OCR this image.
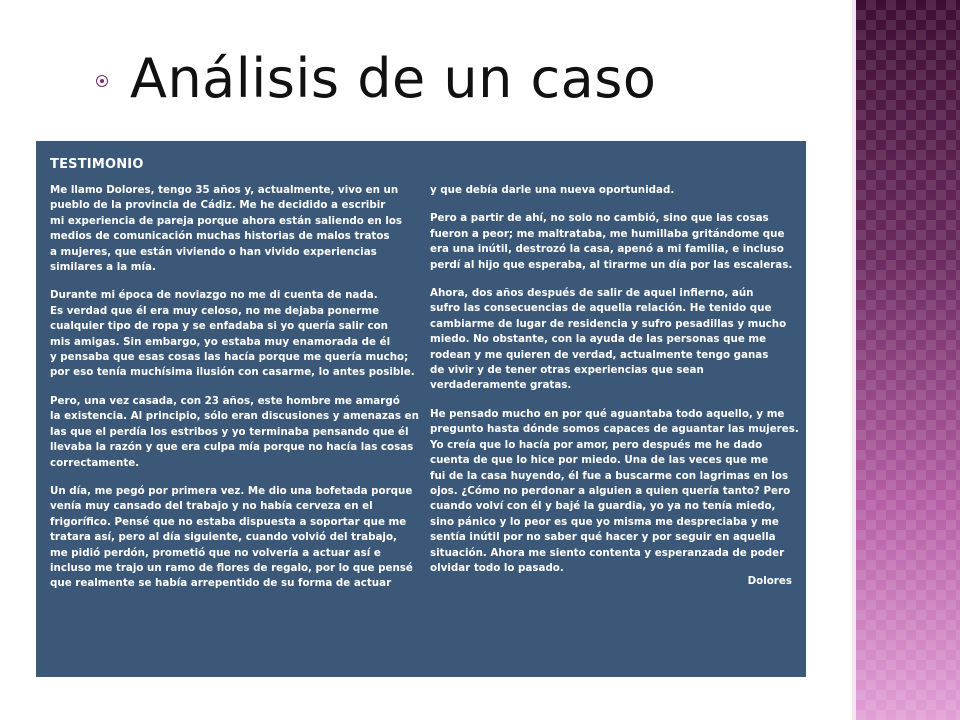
Análisis de un caso
TESTIMONIO
Me llamo Dolores, tengo 35 años y, actualmente, vivo en un
pueblo de la provincia de Cádiz. Me he decidido a escribir
mi experiencia de pareja porque ahora están saliendo en los
medios de comunicación muchas historias de malos tratos
a mujeres, que están viviendo o han vivido experiencias
similares a la mía.
Durante mi época de noviazgo no me di cuenta de nada.
Es verdad que él era muy celoso, no me dejaba ponerme
cualquier tipo de ropa y se enfadaba si yo quería salir con
mis amigas. Sin embargo, yo estaba muy enamorada de él
y pensaba que esas cosas las hacía porque me quería mucho;
por eso tenía muchísima ilusión con casarme, lo antes posible.
Pero, una vez casada, con 23 años, este hombre me amargó
la existencia. Al principio, sólo eran discusiones y amenazas en
las que el perdía los estribos y yo terminaba pensando que él
llevaba la razón y que era culpa mía porque no hacía las cosas
correctamente.
Un día, me pegó por primera vez. Me dio una bofetada porque
venía muy cansado del trabajo y no había cerveza en el
frigorífico. Pensé que no estaba dispuesta a soportar que me
tratara así, pero al día siguiente, cuando volvió del trabajo,
me pidió perdón, prometió que no volvería a actuar así e
incluso me trajo un ramo de flores de regalo, por lo que pensé
que realmente se había arrepentido de su forma de actuar
y que debía darle una nueva oportunidad.
Pero a partir de ahí, no solo no cambió, sino que las cosas
fueron a peor; me maltrataba, me humillaba gritándome que
era una inútil, destrozó la casa, apenó a mi familia, e incluso
perdí al hijo que esperaba, al tirarme un día por las escaleras.
Ahora, dos años después de salir de aquel infierno, aún
sufro las consecuencias de aquella relación. He tenido que
cambiarme de lugar de residencia y sufro pesadillas y mucho
miedo. No obstante, con la ayuda de las personas que me
rodean y me quieren de verdad, actualmente tengo ganas
de vivir y de tener otras experiencias que sean
verdaderamente gratas.
He pensado mucho en por qué aguantaba todo aquello, y me
pregunto hasta dónde somos capaces de aguantar las mujeres.
Yo creía que lo hacía por amor, pero después me he dado
cuenta de que lo hice por miedo. Una de las veces que me
fui de la casa huyendo, él fue a buscarme con lagrimas en los
ojos. ¿Cómo no perdonar a alguien a quien quería tanto? Pero
cuando volví con él y bajé la guardia, yo ya no tenía miedo,
sino pánico y lo peor es que yo misma me despreciaba y me
sentía inútil por no saber qué hacer y por seguir en aquella
situación. Ahora me siento contenta y esperanzada de poder
olvidar todo lo pasado.
Dolores
